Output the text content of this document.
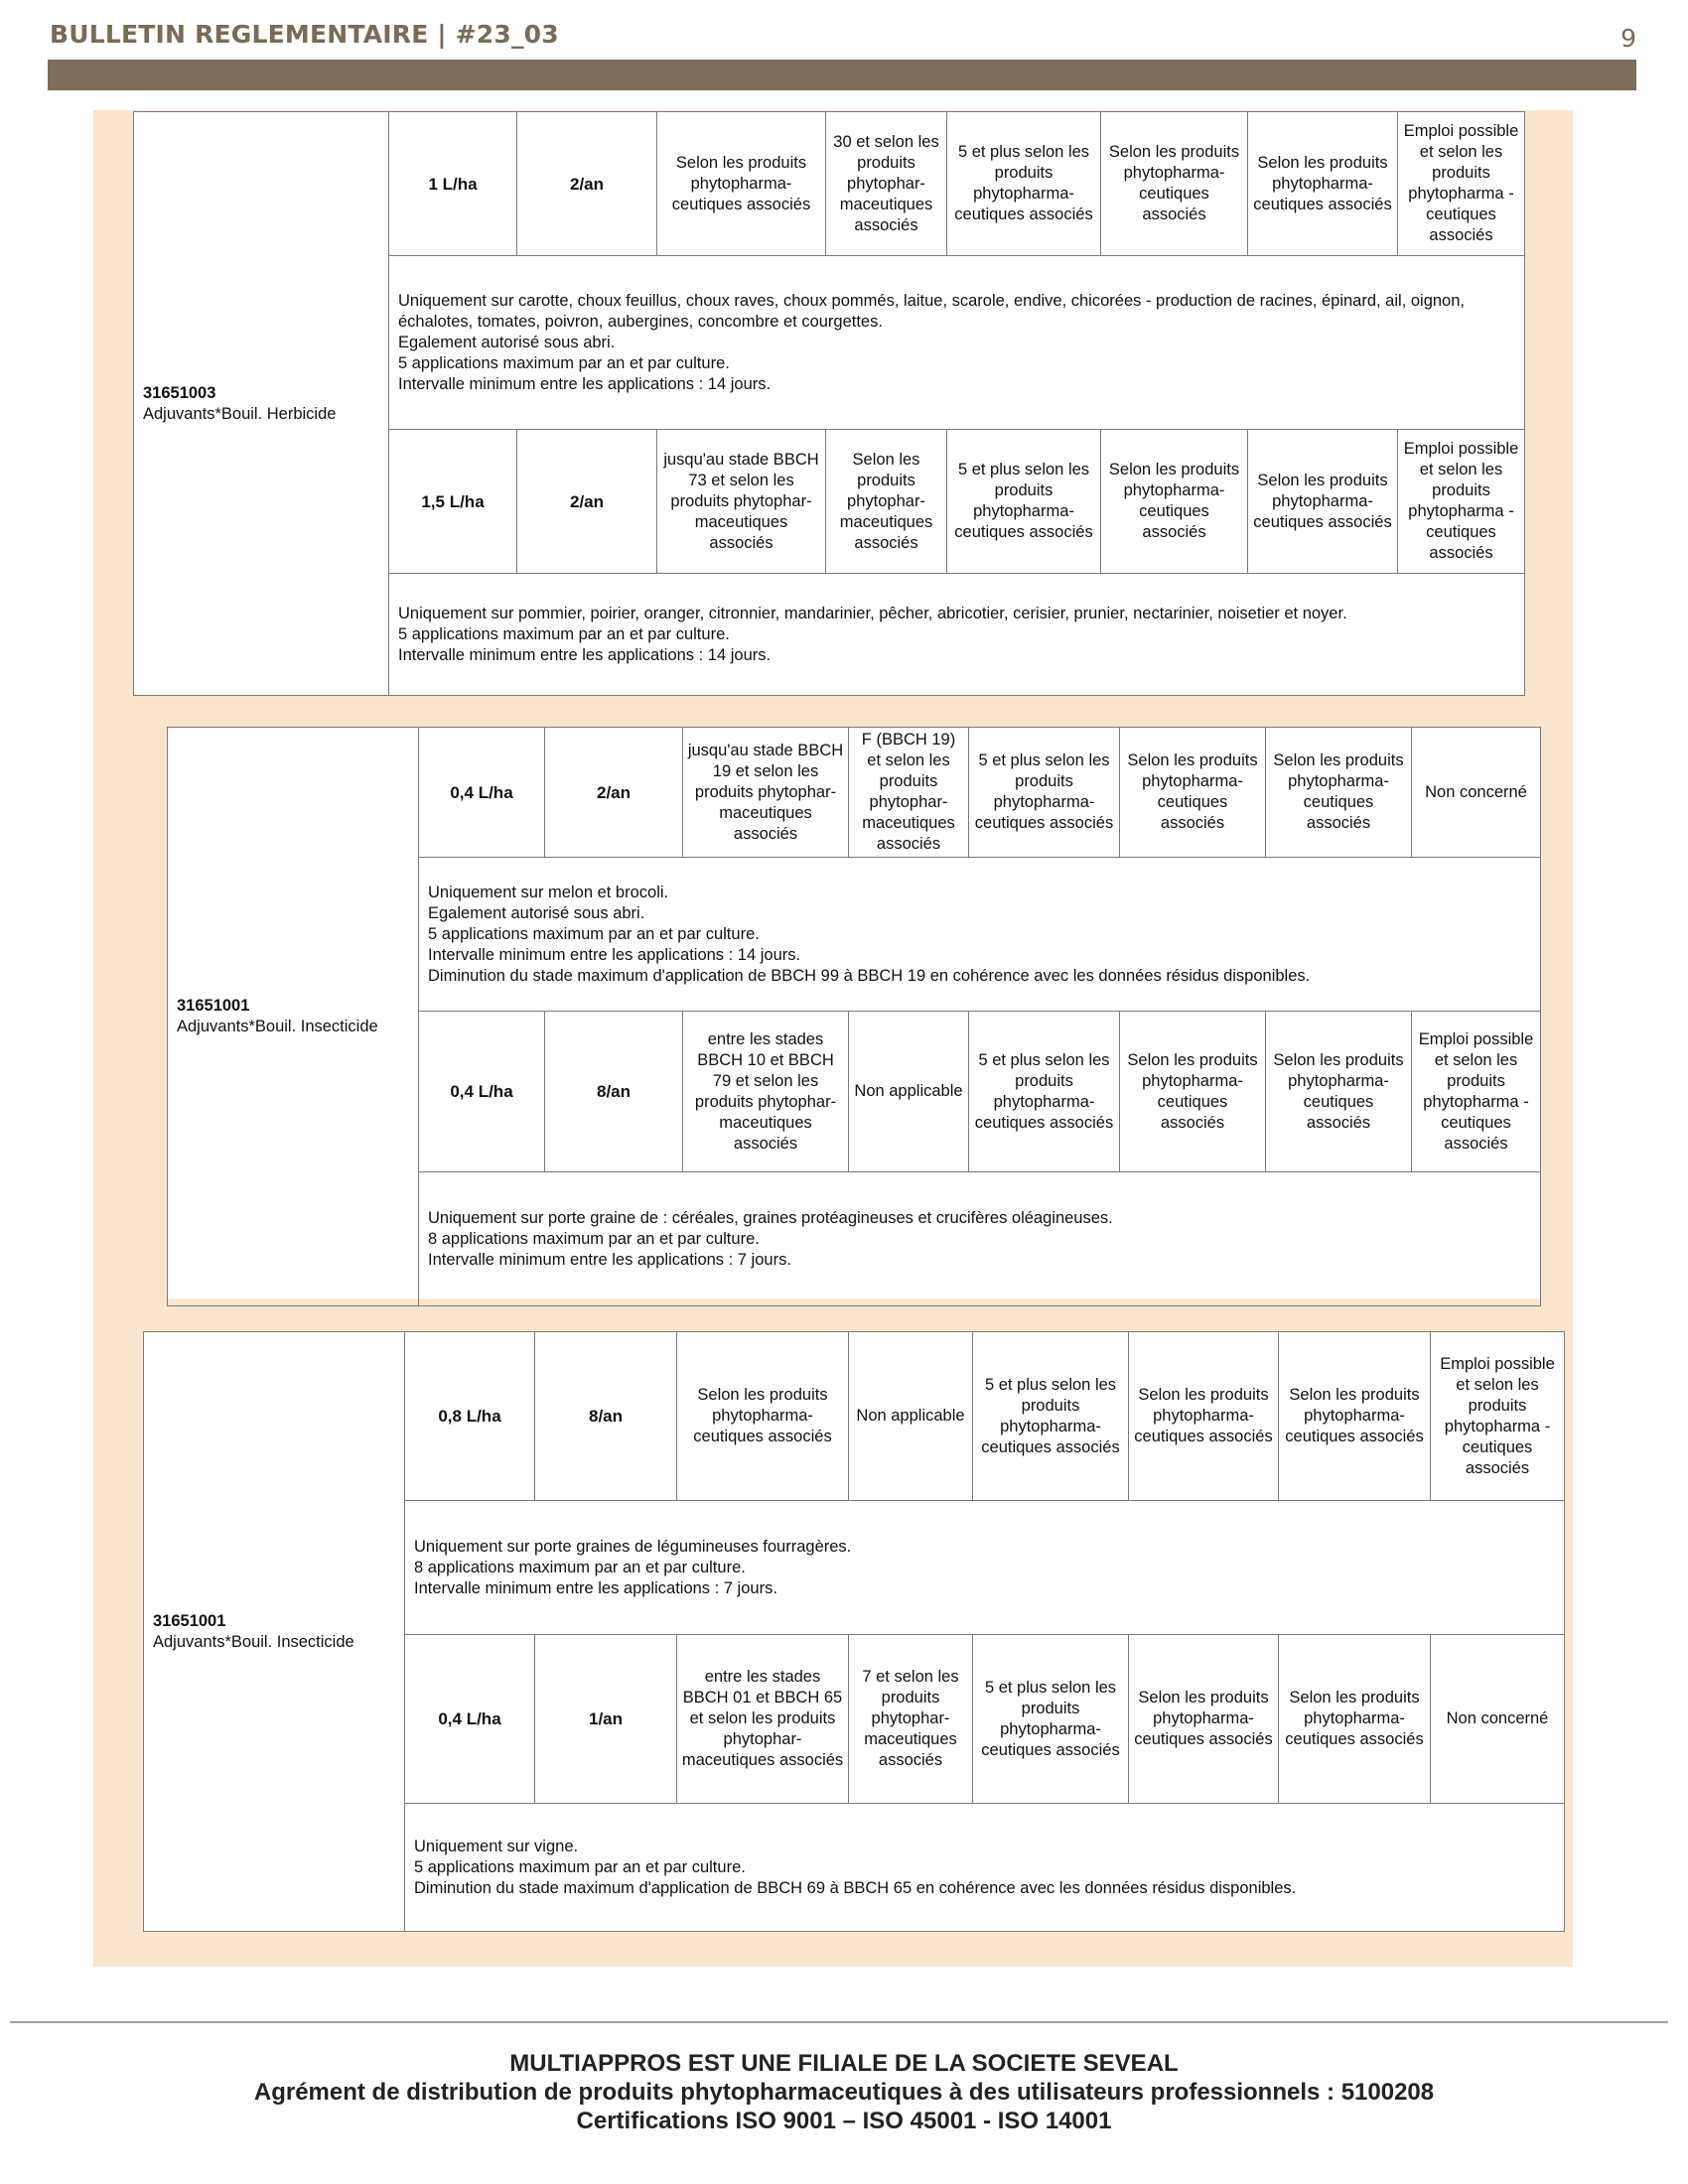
BULLETIN REGLEMENTAIRE | #23_03	9
31651003
Adjuvants*Bouil. Herbicide	1 L/ha	2/an	Selon les produits phytopharma-ceutiques associés	30 et selon les produits phytophar-maceutiques associés	5 et plus selon les produits phytopharma-ceutiques associés	Selon les produits phytopharma-ceutiques associés	Selon les produits phytopharma-ceutiques associés	Emploi possible et selon les produits phytopharma -ceutiques associés

	Uniquement sur carotte, choux feuillus, choux raves, choux pommés, laitue, scarole, endive, chicorées - production de racines, épinard, ail, oignon, échalotes, tomates, poivron, aubergines, concombre et courgettes.
Egalement autorisé sous abri.
5 applications maximum par an et par culture.
Intervalle minimum entre les applications : 14 jours.							

	1,5 L/ha	2/an	jusqu'au stade BBCH 73 et selon les produits phytophar-maceutiques associés	Selon les produits phytophar-maceutiques associés	5 et plus selon les produits phytopharma-ceutiques associés	Selon les produits phytopharma-ceutiques associés	Selon les produits phytopharma-ceutiques associés	Emploi possible et selon les produits phytopharma -ceutiques associés

	Uniquement sur pommier, poirier, oranger, citronnier, mandarinier, pêcher, abricotier, cerisier, prunier, nectarinier, noisetier et noyer.
5 applications maximum par an et par culture.
Intervalle minimum entre les applications : 14 jours.							
31651001
Adjuvants*Bouil. Insecticide	0,4 L/ha	2/an	jusqu'au stade BBCH 19 et selon les produits phytophar-maceutiques associés	F (BBCH 19) et selon les produits phytophar-maceutiques associés	5 et plus selon les produits phytopharma-ceutiques associés	Selon les produits phytopharma-ceutiques associés	Selon les produits phytopharma-ceutiques associés	Non concerné

	Uniquement sur melon et brocoli.
Egalement autorisé sous abri.
5 applications maximum par an et par culture.
Intervalle minimum entre les applications : 14 jours.
Diminution du stade maximum d'application de BBCH 99 à BBCH 19 en cohérence avec les données résidus disponibles.							

	0,4 L/ha	8/an	entre les stades BBCH 10 et BBCH 79 et selon les produits phytophar-maceutiques associés	Non applicable	5 et plus selon les produits phytopharma-ceutiques associés	Selon les produits phytopharma-ceutiques associés	Selon les produits phytopharma-ceutiques associés	Emploi possible et selon les produits phytopharma -ceutiques associés

	Uniquement sur porte graine de : céréales, graines protéagineuses et crucifères oléagineuses.
8 applications maximum par an et par culture.
Intervalle minimum entre les applications : 7 jours.							
31651001
Adjuvants*Bouil. Insecticide	0,8 L/ha	8/an	Selon les produits phytopharma-ceutiques associés	Non applicable	5 et plus selon les produits phytopharma-ceutiques associés	Selon les produits phytopharma-ceutiques associés	Selon les produits phytopharma-ceutiques associés	Emploi possible et selon les produits phytopharma -ceutiques associés

	Uniquement sur porte graines de légumineuses fourragères.
8 applications maximum par an et par culture.
Intervalle minimum entre les applications : 7 jours.							

	0,4 L/ha	1/an	entre les stades BBCH 01 et BBCH 65 et selon les produits phytophar-maceutiques associés	7 et selon les produits phytophar-maceutiques associés	5 et plus selon les produits phytopharma-ceutiques associés	Selon les produits phytopharma-ceutiques associés	Selon les produits phytopharma-ceutiques associés	Non concerné

	Uniquement sur vigne.
5 applications maximum par an et par culture.
Diminution du stade maximum d'application de BBCH 69 à BBCH 65 en cohérence avec les données résidus disponibles.							
MULTIAPPROS EST UNE FILIALE DE LA SOCIETE SEVEAL
Agrément de distribution de produits phytopharmaceutiques à des utilisateurs professionnels : 5100208
Certifications ISO 9001 – ISO 45001 - ISO 14001
